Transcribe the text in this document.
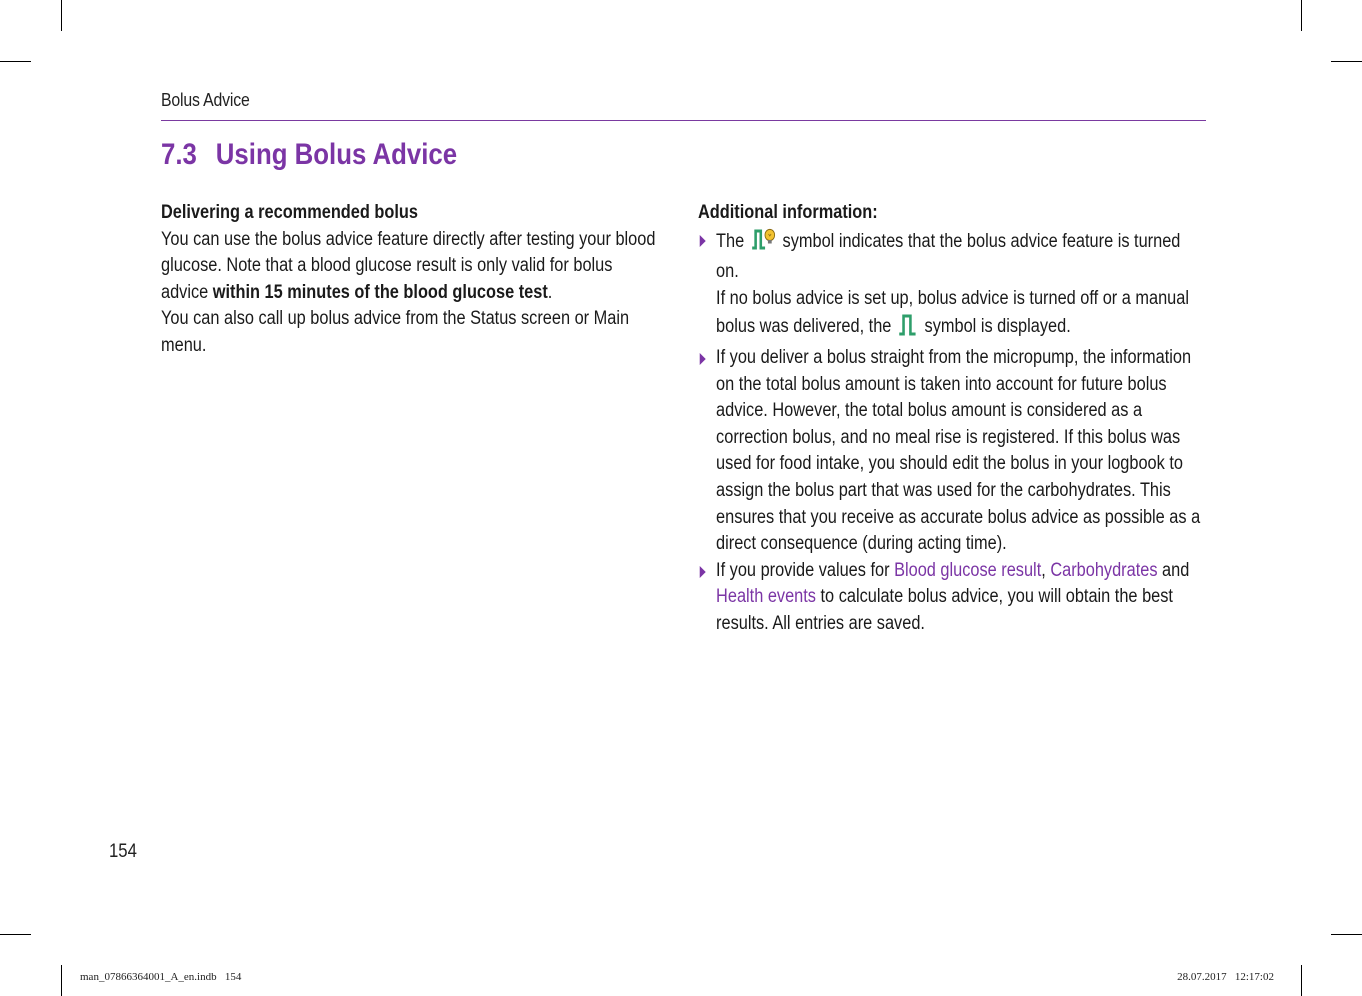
Bolus Advice
7.3 Using Bolus Advice

Delivering a recommended bolus

You can use the bolus advice feature directly after testing your blood glucose. Note that a blood glucose result is only valid for bolus advice within 15 minutes of the blood glucose test.

You can also call up bolus advice from the Status screen or Main menu.

Additional information:

The  symbol indicates that the bolus advice feature is turned on.
If no bolus advice is set up, bolus advice is turned off or a manual bolus was delivered, the  symbol is displayed.
If you deliver a bolus straight from the micropump, the information on the total bolus amount is taken into account for future bolus advice. However, the total bolus amount is considered as a correction bolus, and no meal rise is registered. If this bolus was used for food intake, you should edit the bolus in your logbook to assign the bolus part that was used for the carbohydrates. This ensures that you receive as accurate bolus advice as possible as a direct consequence (during acting time).
If you provide values for Blood glucose result, Carbohydrates and Health events to calculate bolus advice, you will obtain the best results. All entries are saved.
154
man_07866364001_A_en.indb   154	28.07.2017   12:17:02
